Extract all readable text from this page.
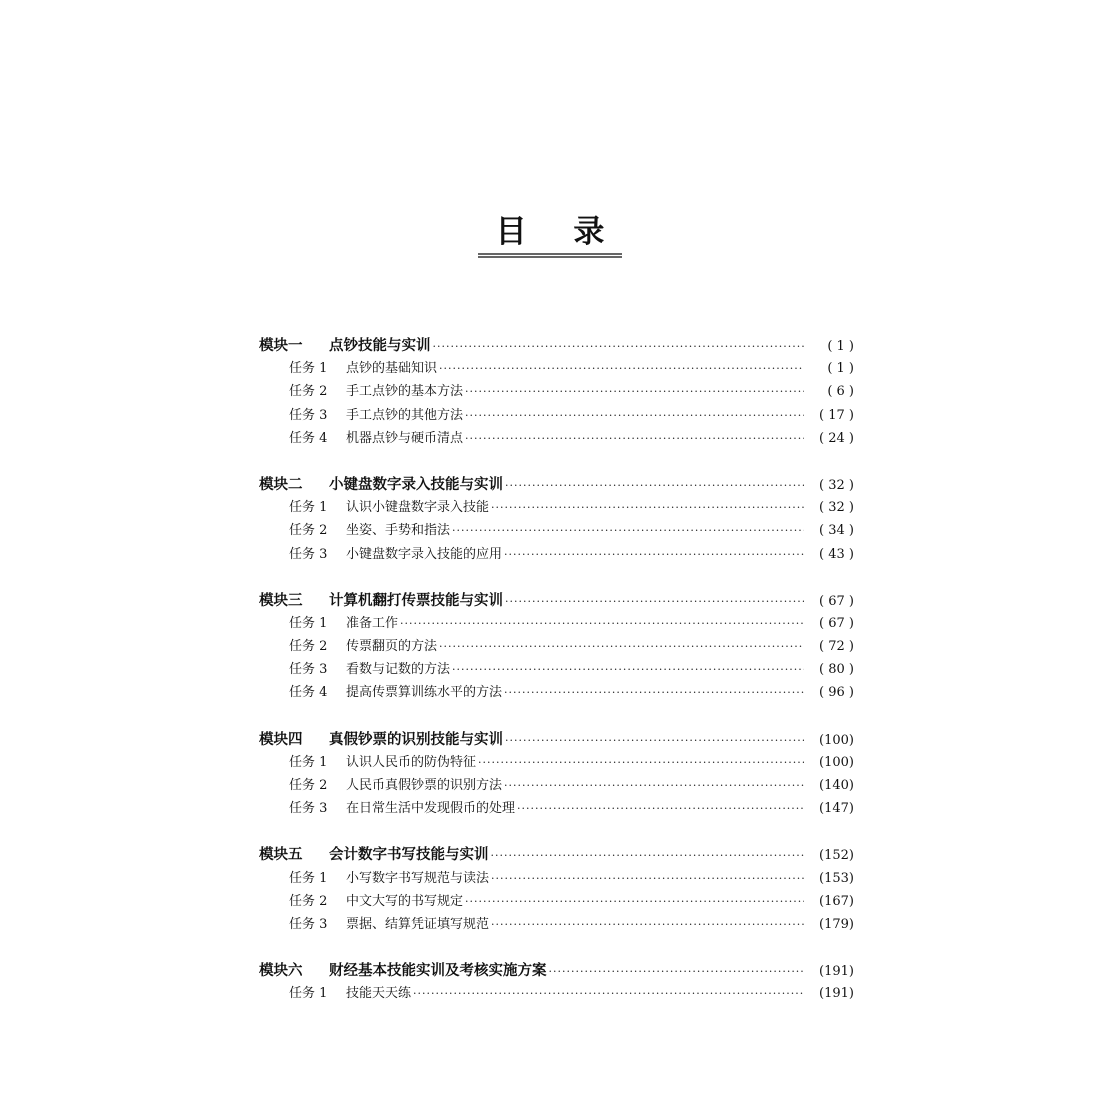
目 录
模块一	点钞技能与实训 ·····	( 1 )
任务 1	点钞的基础知识 ·····	( 1 )
任务 2	手工点钞的基本方法 ·····	( 6 )
任务 3	手工点钞的其他方法 ·····	( 17 )
任务 4	机器点钞与硬币清点 ·····	( 24 )
模块二	小键盘数字录入技能与实训 ·····	( 32 )
任务 1	认识小键盘数字录入技能 ·····	( 32 )
任务 2	坐姿、手势和指法 ·····	( 34 )
任务 3	小键盘数字录入技能的应用 ·····	( 43 )
模块三	计算机翻打传票技能与实训 ·····	( 67 )
任务 1	准备工作 ·····	( 67 )
任务 2	传票翻页的方法 ·····	( 72 )
任务 3	看数与记数的方法 ·····	( 80 )
任务 4	提高传票算训练水平的方法 ·····	( 96 )
模块四	真假钞票的识别技能与实训 ·····	(100)
任务 1	认识人民币的防伪特征 ·····	(100)
任务 2	人民币真假钞票的识别方法 ·····	(140)
任务 3	在日常生活中发现假币的处理 ·····	(147)
模块五	会计数字书写技能与实训 ·····	(152)
任务 1	小写数字书写规范与读法 ·····	(153)
任务 2	中文大写的书写规定 ·····	(167)
任务 3	票据、结算凭证填写规范 ·····	(179)
模块六	财经基本技能实训及考核实施方案 ·····	(191)
任务 1	技能天天练 ·····	(191)
